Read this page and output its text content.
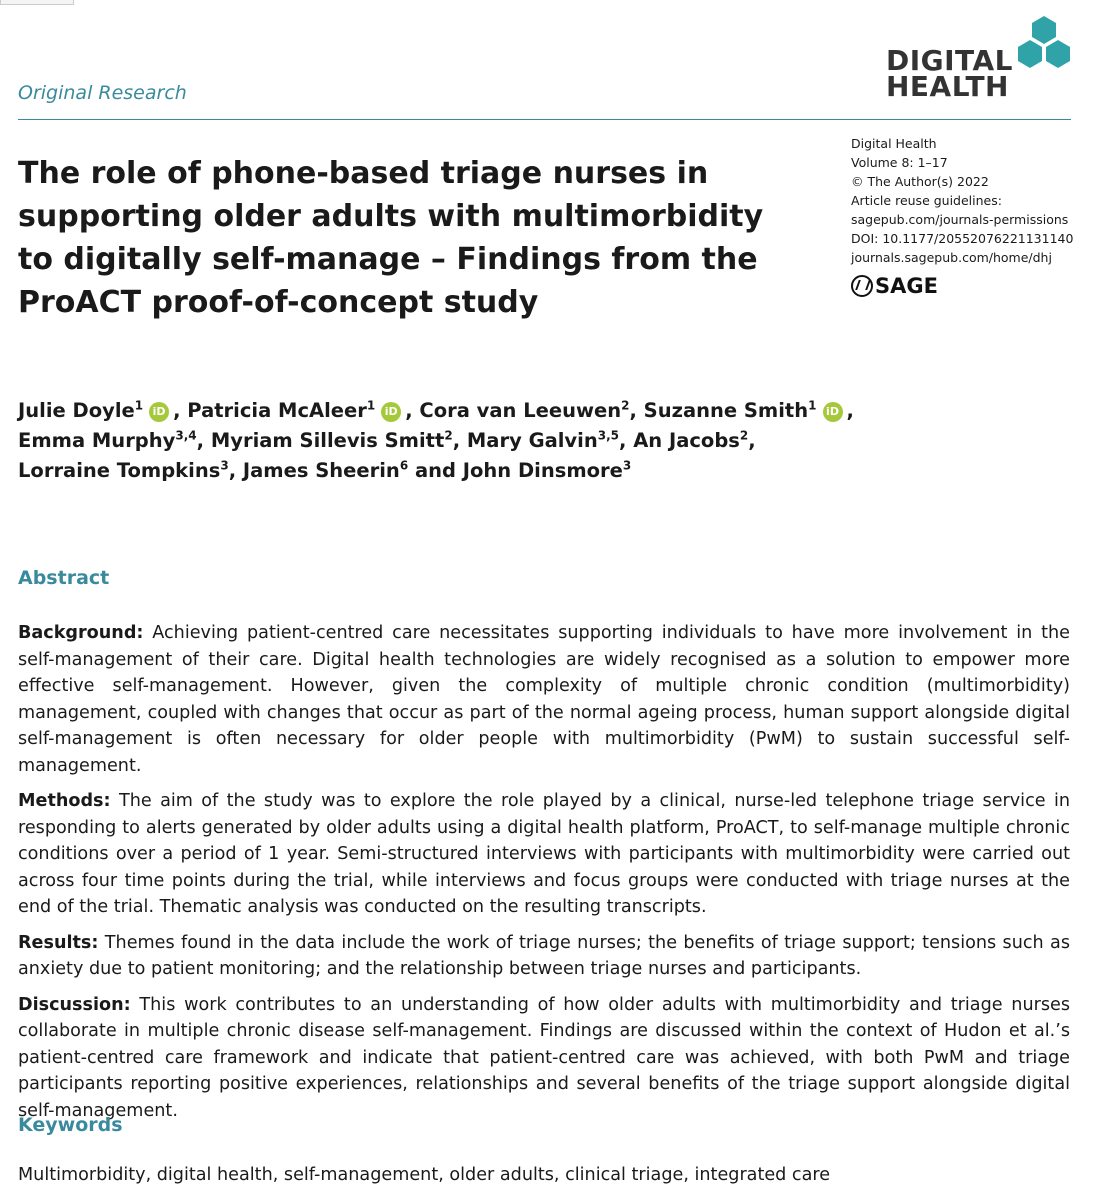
Original Research
DIGITAL
HEALTH
Digital Health
Volume 8: 1–17
© The Author(s) 2022
Article reuse guidelines:
sagepub.com/journals-permissions
DOI: 10.1177/20552076221131140
journals.sagepub.com/home/dhj
SAGE
The role of phone-based triage nurses in supporting older adults with multimorbidity to digitally self-manage – Findings from the ProACT proof-of-concept study
Julie Doyle$^1$ iD , Patricia McAleer$^1$ iD , Cora van Leeuwen$^2$, Suzanne Smith$^1$ iD ,
Emma Murphy$^{3,4}$, Myriam Sillevis Smitt$^2$, Mary Galvin$^{3,5}$, An Jacobs$^2$,
Lorraine Tompkins$^3$, James Sheerin$^6$ and John Dinsmore$^3$
Abstract

Background: Achieving patient-centred care necessitates supporting individuals to have more involvement in the self-management of their care. Digital health technologies are widely recognised as a solution to empower more effective self-management. However, given the complexity of multiple chronic condition (multimorbidity) management, coupled with changes that occur as part of the normal ageing process, human support alongside digital self-management is often necessary for older people with multimorbidity (PwM) to sustain successful self-management.

Methods: The aim of the study was to explore the role played by a clinical, nurse-led telephone triage service in responding to alerts generated by older adults using a digital health platform, ProACT, to self-manage multiple chronic conditions over a period of 1 year. Semi-structured interviews with participants with multimorbidity were carried out across four time points during the trial, while interviews and focus groups were conducted with triage nurses at the end of the trial. Thematic analysis was conducted on the resulting transcripts.

Results: Themes found in the data include the work of triage nurses; the benefits of triage support; tensions such as anxiety due to patient monitoring; and the relationship between triage nurses and participants.

Discussion: This work contributes to an understanding of how older adults with multimorbidity and triage nurses collaborate in multiple chronic disease self-management. Findings are discussed within the context of Hudon et al.’s patient-centred care framework and indicate that patient-centred care was achieved, with both PwM and triage participants reporting positive experiences, relationships and several benefits of the triage support alongside digital self-management.

Keywords
Multimorbidity, digital health, self-management, older adults, clinical triage, integrated care
